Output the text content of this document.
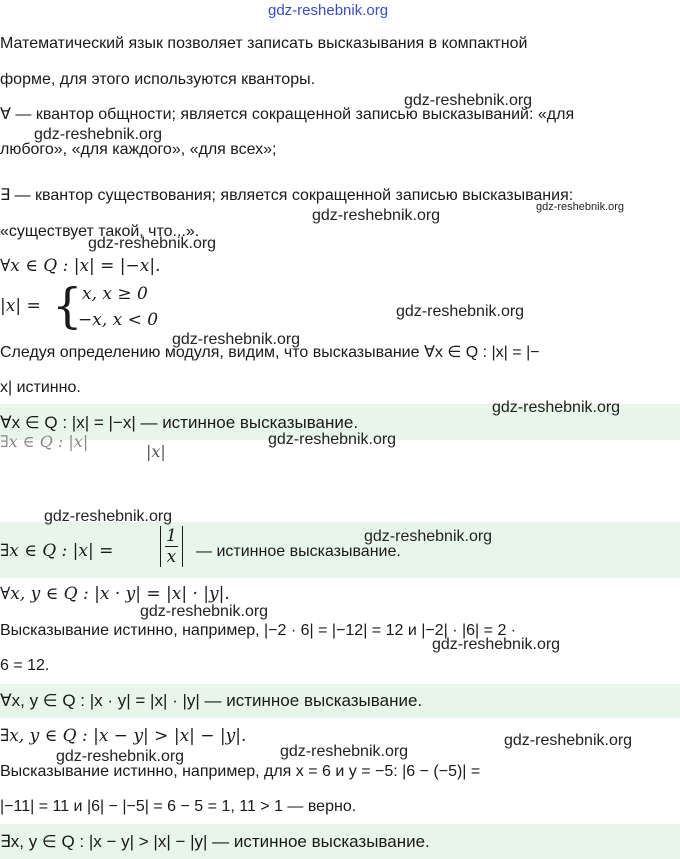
Математический язык позволяет записать высказывания в компактной
форме, для этого используются кванторы.
∀ — квантор общности; является сокращенной записью высказываний: «для
любого», «для каждого», «для всех»;
∃ — квантор существования; является сокращенной записью высказывания:
«существует такой, что...».
∀x ∈ Q : |x| = |−x|.
|x| = { x, x ≥ 0
−x, x < 0
Следуя определению модуля, видим, что высказывание ∀x ∈ Q : |x| = |−
x| истинно.
∀x ∈ Q : |x| = |−x| — истинное высказывание.
∃x ∈ Q : |x|
|x|
∃x ∈ Q : |x| =	$\frac{1}{x}$ — истинное высказывание.
∀x, y ∈ Q : |x · y| = |x| · |y|.
Высказывание истинно, например, |−2 · 6| = |−12| = 12 и |−2| · |6| = 2 ·
6 = 12.
∀x, y ∈ Q : |x · y| = |x| · |y| — истинное высказывание.
∃x, y ∈ Q : |x − y| > |x| − |y|.
Высказывание истинно, например, для x = 6 и y = −5: |6 − (−5)| =
|−11| = 11 и |6| − |−5| = 6 − 5 = 1, 11 > 1 — верно.
∃x, y ∈ Q : |x − y| > |x| − |y| — истинное высказывание.
gdz-reshebnik.org
gdz-reshebnik.org
gdz-reshebnik.org
gdz-reshebnik.org	gdz-reshebnik.org
gdz-reshebnik.org
gdz-reshebnik.org
gdz-reshebnik.org
gdz-reshebnik.org
gdz-reshebnik.org
gdz-reshebnik.org
gdz-reshebnik.org
gdz-reshebnik.org
gdz-reshebnik.org
gdz-reshebnik.org
gdz-reshebnik.org	gdz-reshebnik.org
